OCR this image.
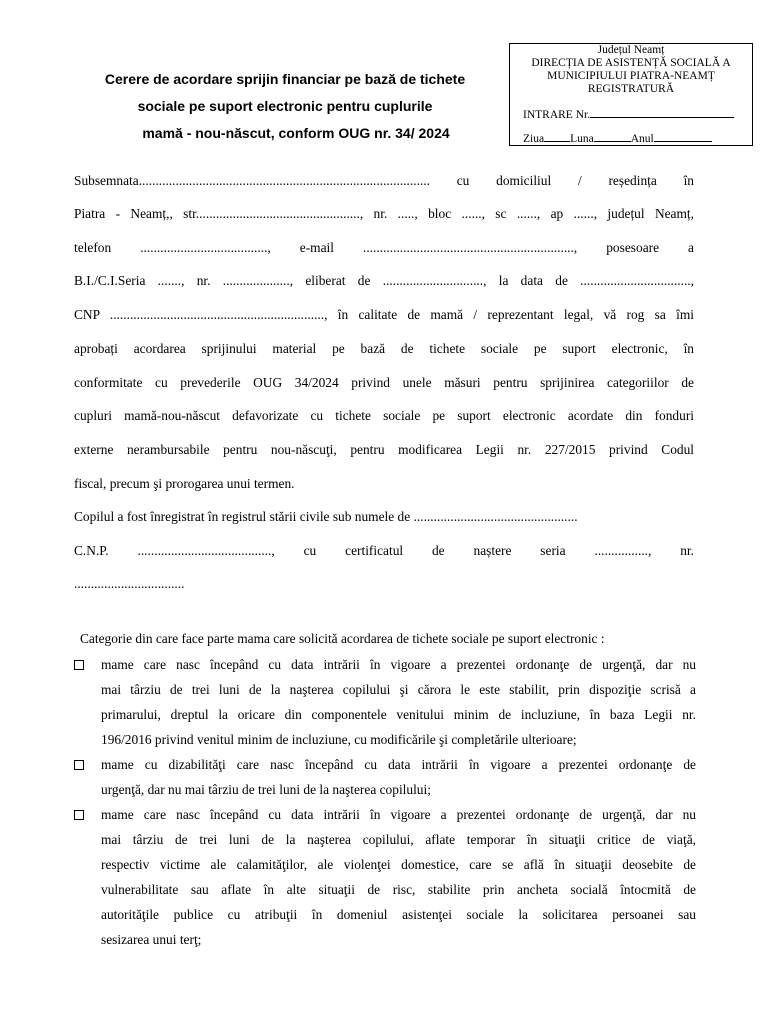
Cerere de acordare sprijin financiar pe bază de tichete
sociale pe suport electronic pentru cuplurile
mamă - nou-născut, conform OUG nr. 34/ 2024
Județul Neamț
DIRECȚIA DE ASISTENȚĂ SOCIALĂ A
MUNICIPIULUI PIATRA-NEAMȚ
REGISTRATURĂ
INTRARE Nr.
Ziua Luna	Anul
Subsemnata....................................................................................... cu domiciliul / reședința în
Piatra - Neamț,, str................................................., nr. ....., bloc ......, sc ......, ap ......, județul Neamț,
telefon ......................................, e-mail ..............................................................., posesoare a
B.I./C.I.Seria ......., nr. ...................., eliberat de .............................., la data de .................................,
CNP ................................................................, în calitate de mamă / reprezentant legal, vă rog sa îmi
aprobați acordarea sprijinului material pe bază de tichete sociale pe suport electronic, în
conformitate cu prevederile OUG 34/2024 privind unele măsuri pentru sprijinirea categoriilor de
cupluri mamă-nou-născut defavorizate cu tichete sociale pe suport electronic acordate din fonduri
externe nerambursabile pentru nou-născuţi, pentru modificarea Legii nr. 227/2015 privind Codul
fiscal, precum şi prorogarea unui termen.
Copilul a fost înregistrat în registrul stării civile sub numele de .................................................
C.N.P. ........................................, cu certificatul de naștere seria ................, nr.
.................................
Categorie din care face parte mama care solicită acordarea de tichete sociale pe suport electronic :
mame care nasc începând cu data intrării în vigoare a prezentei ordonanţe de urgenţă, dar nu
mai târziu de trei luni de la naşterea copilului şi cărora le este stabilit, prin dispoziţie scrisă a
primarului, dreptul la oricare din componentele venitului minim de incluziune, în baza Legii nr.
196/2016 privind venitul minim de incluziune, cu modificările şi completările ulterioare;
mame cu dizabilităţi care nasc începând cu data intrării în vigoare a prezentei ordonanţe de
urgenţă, dar nu mai târziu de trei luni de la naşterea copilului;
mame care nasc începând cu data intrării în vigoare a prezentei ordonanţe de urgenţă, dar nu
mai târziu de trei luni de la naşterea copilului, aflate temporar în situaţii critice de viaţă,
respectiv victime ale calamităţilor, ale violenţei domestice, care se află în situaţii deosebite de
vulnerabilitate sau aflate în alte situaţii de risc, stabilite prin ancheta socială întocmită de
autorităţile publice cu atribuţii în domeniul asistenţei sociale la solicitarea persoanei sau
sesizarea unui terţ;
